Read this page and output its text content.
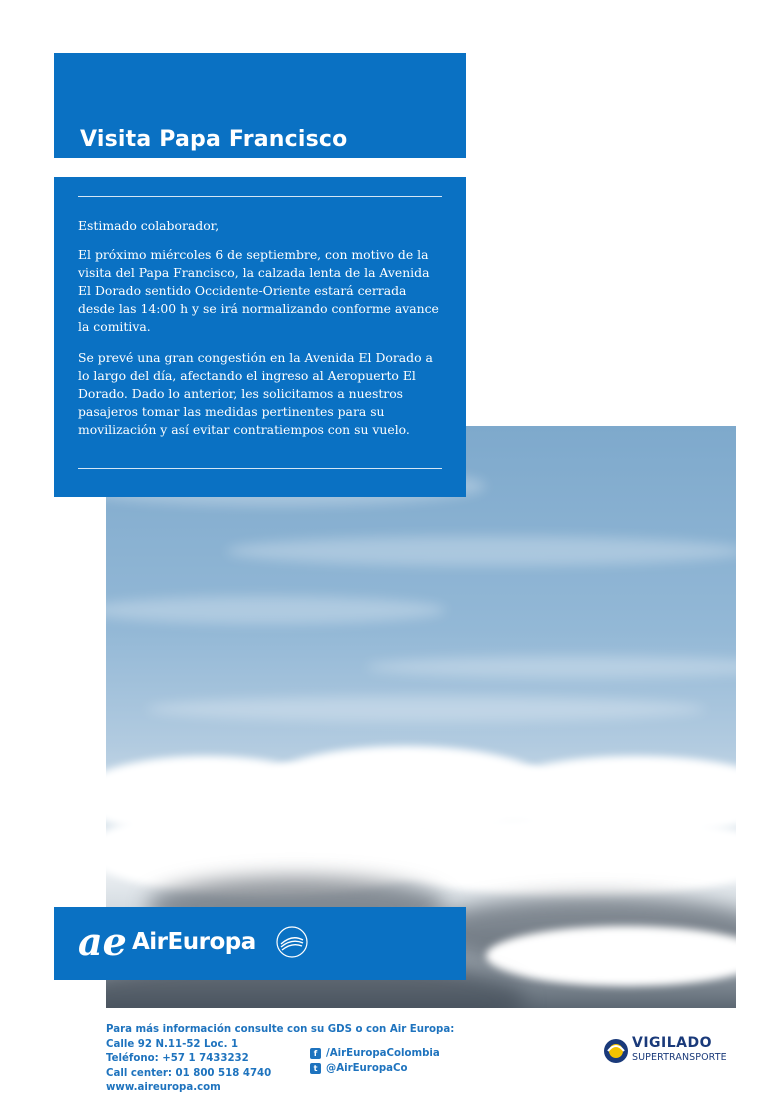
Visita Papa Francisco

Estimado colaborador,

El próximo miércoles 6 de septiembre, con motivo de la visita del Papa Francisco, la calzada lenta de la Avenida El Dorado sentido Occidente-Oriente estará cerrada desde las 14:00 h y se irá normalizando conforme avance la comitiva.

Se prevé una gran congestión en la Avenida El Dorado a lo largo del día, afectando el ingreso al Aeropuerto El Dorado. Dado lo anterior, les solicitamos a nuestros pasajeros tomar las medidas pertinentes para su movilización y así evitar contratiempos con su vuelo.

ae AirEuropa
Para más información consulte con su GDS o con Air Europa:
Calle 92 N.11-52 Loc. 1
Teléfono: +57 1 7433232
Call center: 01 800 518 4740
www.aireuropa.com
f /AirEuropaColombia
t @AirEuropaCo
VIGILADO
SUPERTRANSPORTE
